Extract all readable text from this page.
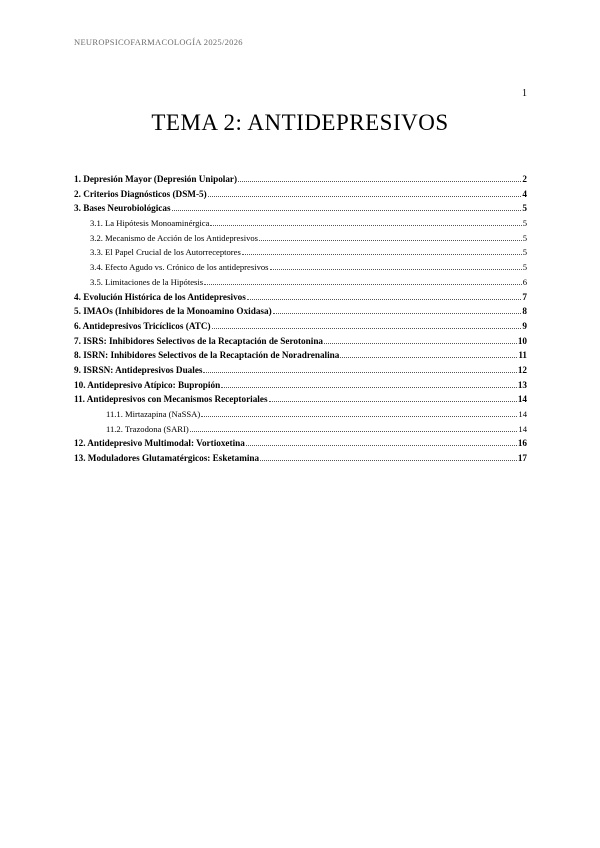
NEUROPSICOFARMACOLOGÍA 2025/2026
1
TEMA 2: ANTIDEPRESIVOS
1. Depresión Mayor (Depresión Unipolar)	2
2. Criterios Diagnósticos (DSM-5)	4
3. Bases Neurobiológicas	5
3.1. La Hipótesis Monoaminérgica	5
3.2. Mecanismo de Acción de los Antidepresivos	5
3.3. El Papel Crucial de los Autorreceptores	5
3.4. Efecto Agudo vs. Crónico de los antidepresivos	5
3.5. Limitaciones de la Hipótesis	6
4. Evolución Histórica de los Antidepresivos	7
5. IMAOs (Inhibidores de la Monoamino Oxidasa)	8
6. Antidepresivos Tricíclicos (ATC)	9
7. ISRS: Inhibidores Selectivos de la Recaptación de Serotonina	10
8. ISRN: Inhibidores Selectivos de la Recaptación de Noradrenalina	11
9. ISRSN: Antidepresivos Duales	12
10. Antidepresivo Atípico: Bupropión	13
11. Antidepresivos con Mecanismos Receptoriales	14
11.1. Mirtazapina (NaSSA)	14
11.2. Trazodona (SARI)	14
12. Antidepresivo Multimodal: Vortioxetina	16
13. Moduladores Glutamatérgicos: Esketamina	17
